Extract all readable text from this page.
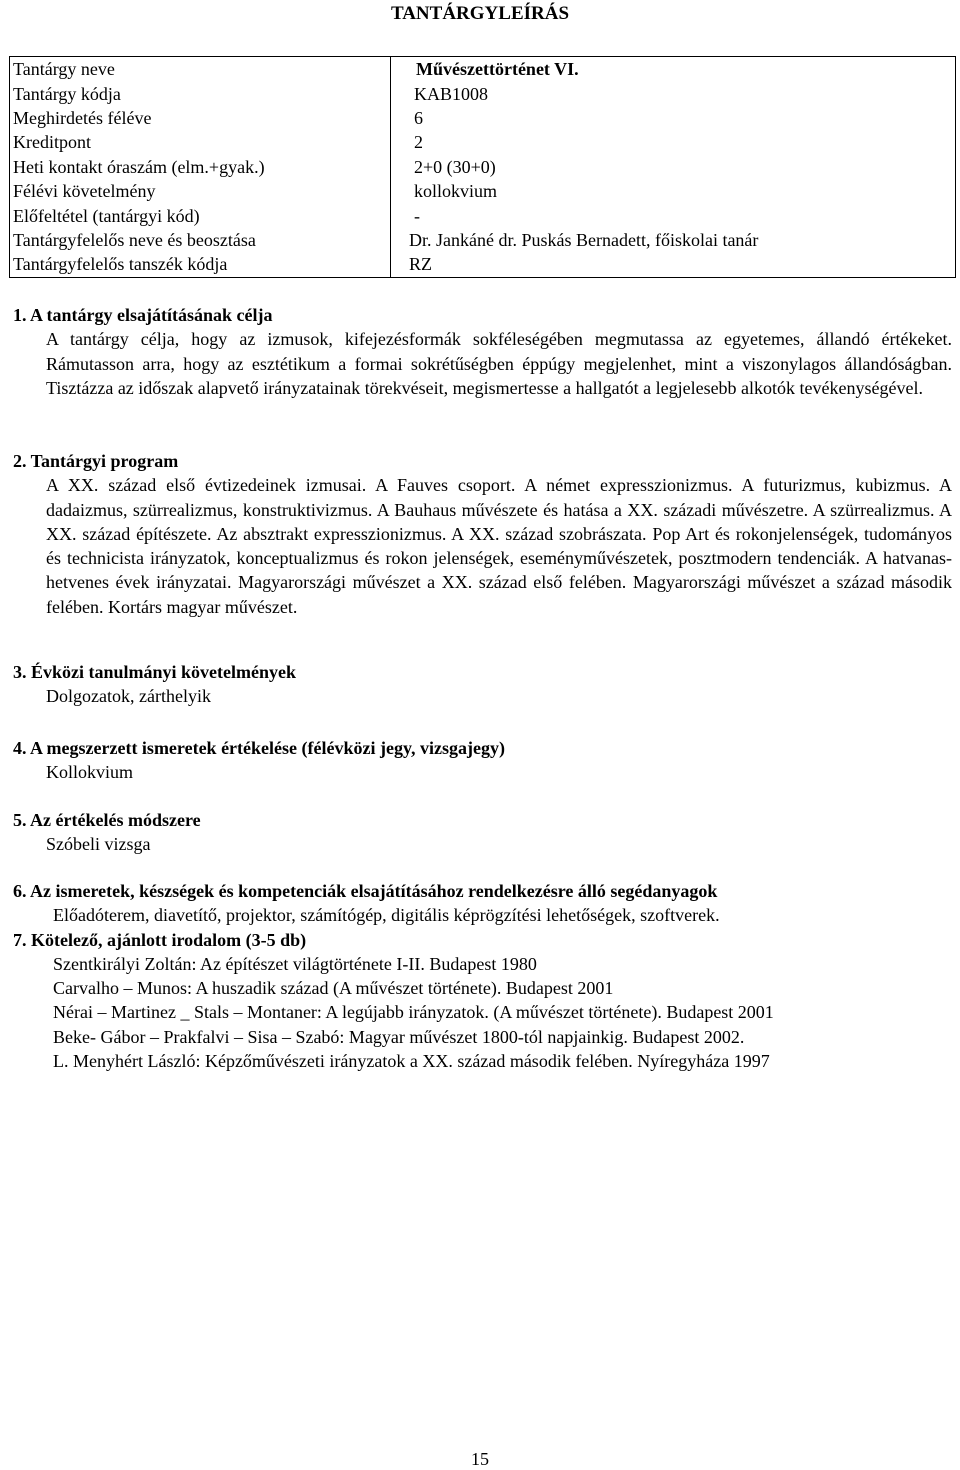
TANTÁRGYLEÍRÁS
Tantárgy neve	Művészettörténet VI.
Tantárgy kódja	KAB1008
Meghirdetés féléve	6
Kreditpont	2
Heti kontakt óraszám (elm.+gyak.)	2+0 (30+0)
Félévi követelmény	kollokvium
Előfeltétel (tantárgyi kód)	-
Tantárgyfelelős neve és beosztása	Dr. Jankáné dr. Puskás Bernadett, főiskolai tanár
Tantárgyfelelős tanszék kódja	RZ
1. A tantárgy elsajátításának célja
A tantárgy célja, hogy az izmusok, kifejezésformák sokféleségében megmutassa az egyetemes, állandó értékeket. Rámutasson arra, hogy az esztétikum a formai sokrétűségben éppúgy megjelenhet, mint a viszonylagos állandóságban. Tisztázza az időszak alapvető irányzatainak törekvéseit, megismertesse a hallgatót a legjelesebb alkotók tevékenységével.
2. Tantárgyi program
A XX. század első évtizedeinek izmusai. A Fauves csoport. A német expresszionizmus. A futurizmus, kubizmus. A dadaizmus, szürrealizmus, konstruktivizmus. A Bauhaus művészete és hatása a XX. századi művészetre. A szürrealizmus. A XX. század építészete. Az absztrakt expresszionizmus. A XX. század szobrászata. Pop Art és rokonjelenségek, tudományos és technicista irányzatok, konceptualizmus és rokon jelenségek, eseményművészetek, posztmodern tendenciák. A hatvanas-hetvenes évek irányzatai. Magyarországi művészet a XX. század első felében. Magyarországi művészet a század második felében. Kortárs magyar művészet.
3. Évközi tanulmányi követelmények
Dolgozatok, zárthelyik
4. A megszerzett ismeretek értékelése (félévközi jegy, vizsgajegy)
Kollokvium
5. Az értékelés módszere
Szóbeli vizsga
6. Az ismeretek, készségek és kompetenciák elsajátításához rendelkezésre álló segédanyagok
Előadóterem, diavetítő, projektor, számítógép, digitális képrögzítési lehetőségek, szoftverek.
7. Kötelező, ajánlott irodalom (3-5 db)
Szentkirályi Zoltán: Az építészet világtörténete I-II. Budapest 1980
Carvalho – Munos: A huszadik század (A művészet története). Budapest 2001
Nérai – Martinez _ Stals – Montaner: A legújabb irányzatok. (A művészet története). Budapest 2001
Beke- Gábor – Prakfalvi – Sisa – Szabó: Magyar művészet 1800-tól napjainkig. Budapest 2002.
L. Menyhért László: Képzőművészeti irányzatok a XX. század második felében. Nyíregyháza 1997
15
